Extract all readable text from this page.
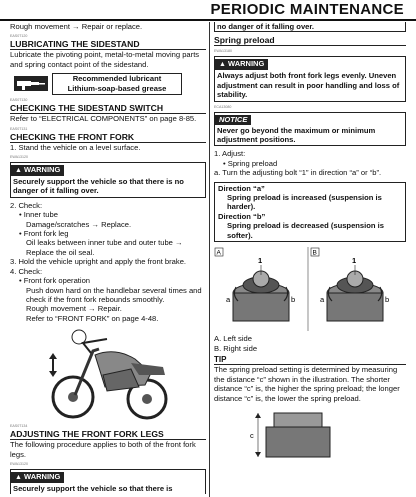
PERIODIC MAINTENANCE

Rough movement → Repair or replace.

EAS0T120
LUBRICATING THE SIDESTAND

Lubricate the pivoting point, metal-to-metal moving parts and spring contact point of the sidestand.

Recommended lubricant
Lithium-soap-based grease
EAS0T130
CHECKING THE SIDESTAND SWITCH

Refer to “ELECTRICAL COMPONENTS” on page 8-85.

EAS0T131
CHECKING THE FRONT FORK

1. Stand the vehicle on a level surface.

EWA13120
▲ WARNING

Securely support the vehicle so that there is no danger of it falling over.

2. Check:

• Inner tube

Damage/scratches → Replace.

• Front fork leg

Oil leaks between inner tube and outer tube → Replace the oil seal.

3. Hold the vehicle upright and apply the front brake.

4. Check:

• Front fork operation

Push down hard on the handlebar several times and check if the front fork rebounds smoothly.

Rough movement → Repair.

Refer to “FRONT FORK” on page 4-48.

EAS0T134
ADJUSTING THE FRONT FORK LEGS

The following procedure applies to both of the front fork legs.

EWA13120
▲ WARNING

Securely support the vehicle so that there is

no danger of it falling over.

Spring preload
EWA13180
▲ WARNING

Always adjust both front fork legs evenly. Uneven adjustment can result in poor handling and loss of stability.

ECA13080
NOTICE

Never go beyond the maximum or minimum adjustment positions.

1. Adjust:

• Spring preload

a. Turn the adjusting bolt “1” in direction “a” or “b”.

Direction “a”
Spring preload is increased (suspension is harder).
Direction “b”
Spring preload is decreased (suspension is softer).
A	B
1
a	b
1
a	b

A. Left side

B. Right side

TIP

The spring preload setting is determined by measuring the distance “c” shown in the illustration. The shorter distance “c” is, the higher the spring preload; the longer distance “c” is, the lower the spring preload.

c
